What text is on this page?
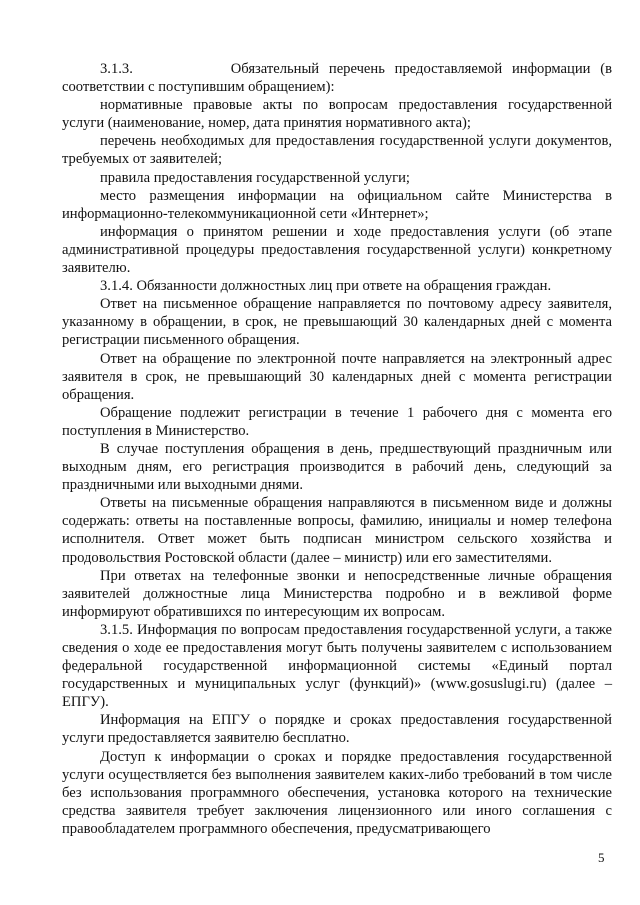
3.1.3.          Обязательный перечень предоставляемой информации (в соответствии с поступившим обращением):

нормативные правовые акты по вопросам предоставления государственной услуги (наименование, номер, дата принятия нормативного акта);

перечень необходимых для предоставления государственной услуги документов, требуемых от заявителей;

правила предоставления государственной услуги;

место размещения информации на официальном сайте Министерства в информационно-телекоммуникационной сети «Интернет»;

информация о принятом решении и ходе предоставления услуги (об этапе административной процедуры предоставления государственной услуги) конкретному заявителю.

3.1.4. Обязанности должностных лиц при ответе на обращения граждан.

Ответ на письменное обращение направляется по почтовому адресу заявителя, указанному в обращении, в срок, не превышающий 30 календарных дней с момента регистрации письменного обращения.

Ответ на обращение по электронной почте направляется на электронный адрес заявителя в срок, не превышающий 30 календарных дней с момента регистрации обращения.

Обращение подлежит регистрации в течение 1 рабочего дня с момента его поступления в Министерство.

В случае поступления обращения в день, предшествующий праздничным или выходным дням, его регистрация производится в рабочий день, следующий за праздничными или выходными днями.

Ответы на письменные обращения направляются в письменном виде и должны содержать: ответы на поставленные вопросы, фамилию, инициалы и номер телефона исполнителя. Ответ может быть подписан министром сельского хозяйства и продовольствия Ростовской области (далее – министр) или его заместителями.

При ответах на телефонные звонки и непосредственные личные обращения заявителей должностные лица Министерства подробно и в вежливой форме информируют обратившихся по интересующим их вопросам.

3.1.5. Информация по вопросам предоставления государственной услуги, а также сведения о ходе ее предоставления могут быть получены заявителем с использованием федеральной государственной информационной системы «Единый портал государственных и муниципальных услуг (функций)» (www.gosuslugi.ru) (далее – ЕПГУ).

Информация на ЕПГУ о порядке и сроках предоставления государственной услуги предоставляется заявителю бесплатно.

Доступ к информации о сроках и порядке предоставления государственной услуги осуществляется без выполнения заявителем каких-либо требований в том числе без использования программного обеспечения, установка которого на технические средства заявителя требует заключения лицензионного или иного соглашения с правообладателем программного обеспечения, предусматривающего

5
